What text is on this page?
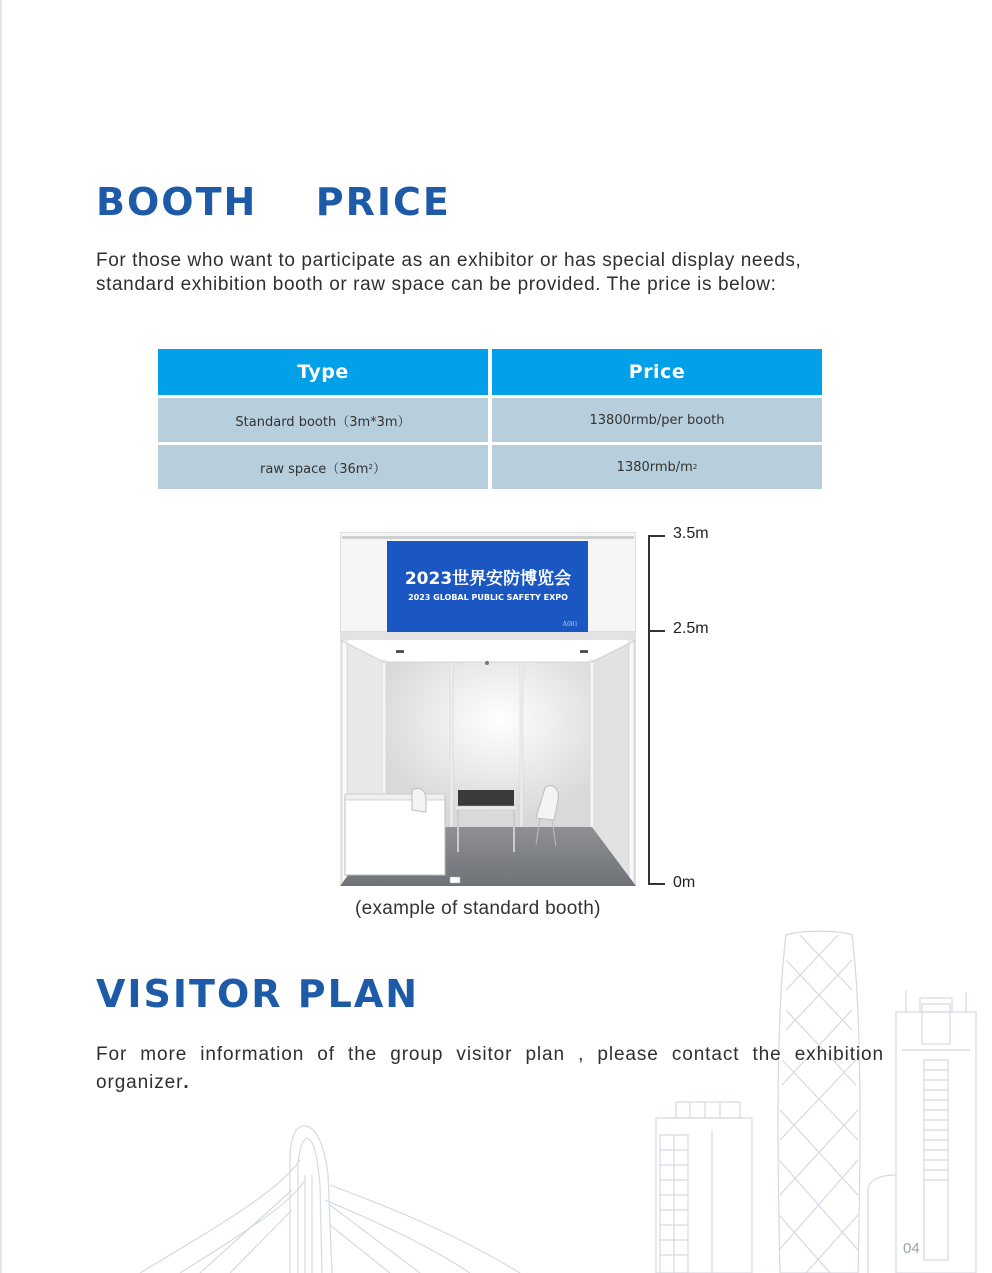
BOOTH  PRICE
For those who want to participate as an exhibitor or has special display needs,
standard exhibition booth or raw space can be provided. The price is below:
Type	Price
Standard booth（3m*3m）	13800rmb/per booth
raw space（36m 2 ）	1380rmb/m 2
2023世界安防博览会
2023 GLOBAL PUBLIC SAFETY EXPO
A001
3.5m
2.5m
0m
(example of standard booth)
VISITOR PLAN
For more information of the group visitor plan , please contact the exhibition
organizer.
04
